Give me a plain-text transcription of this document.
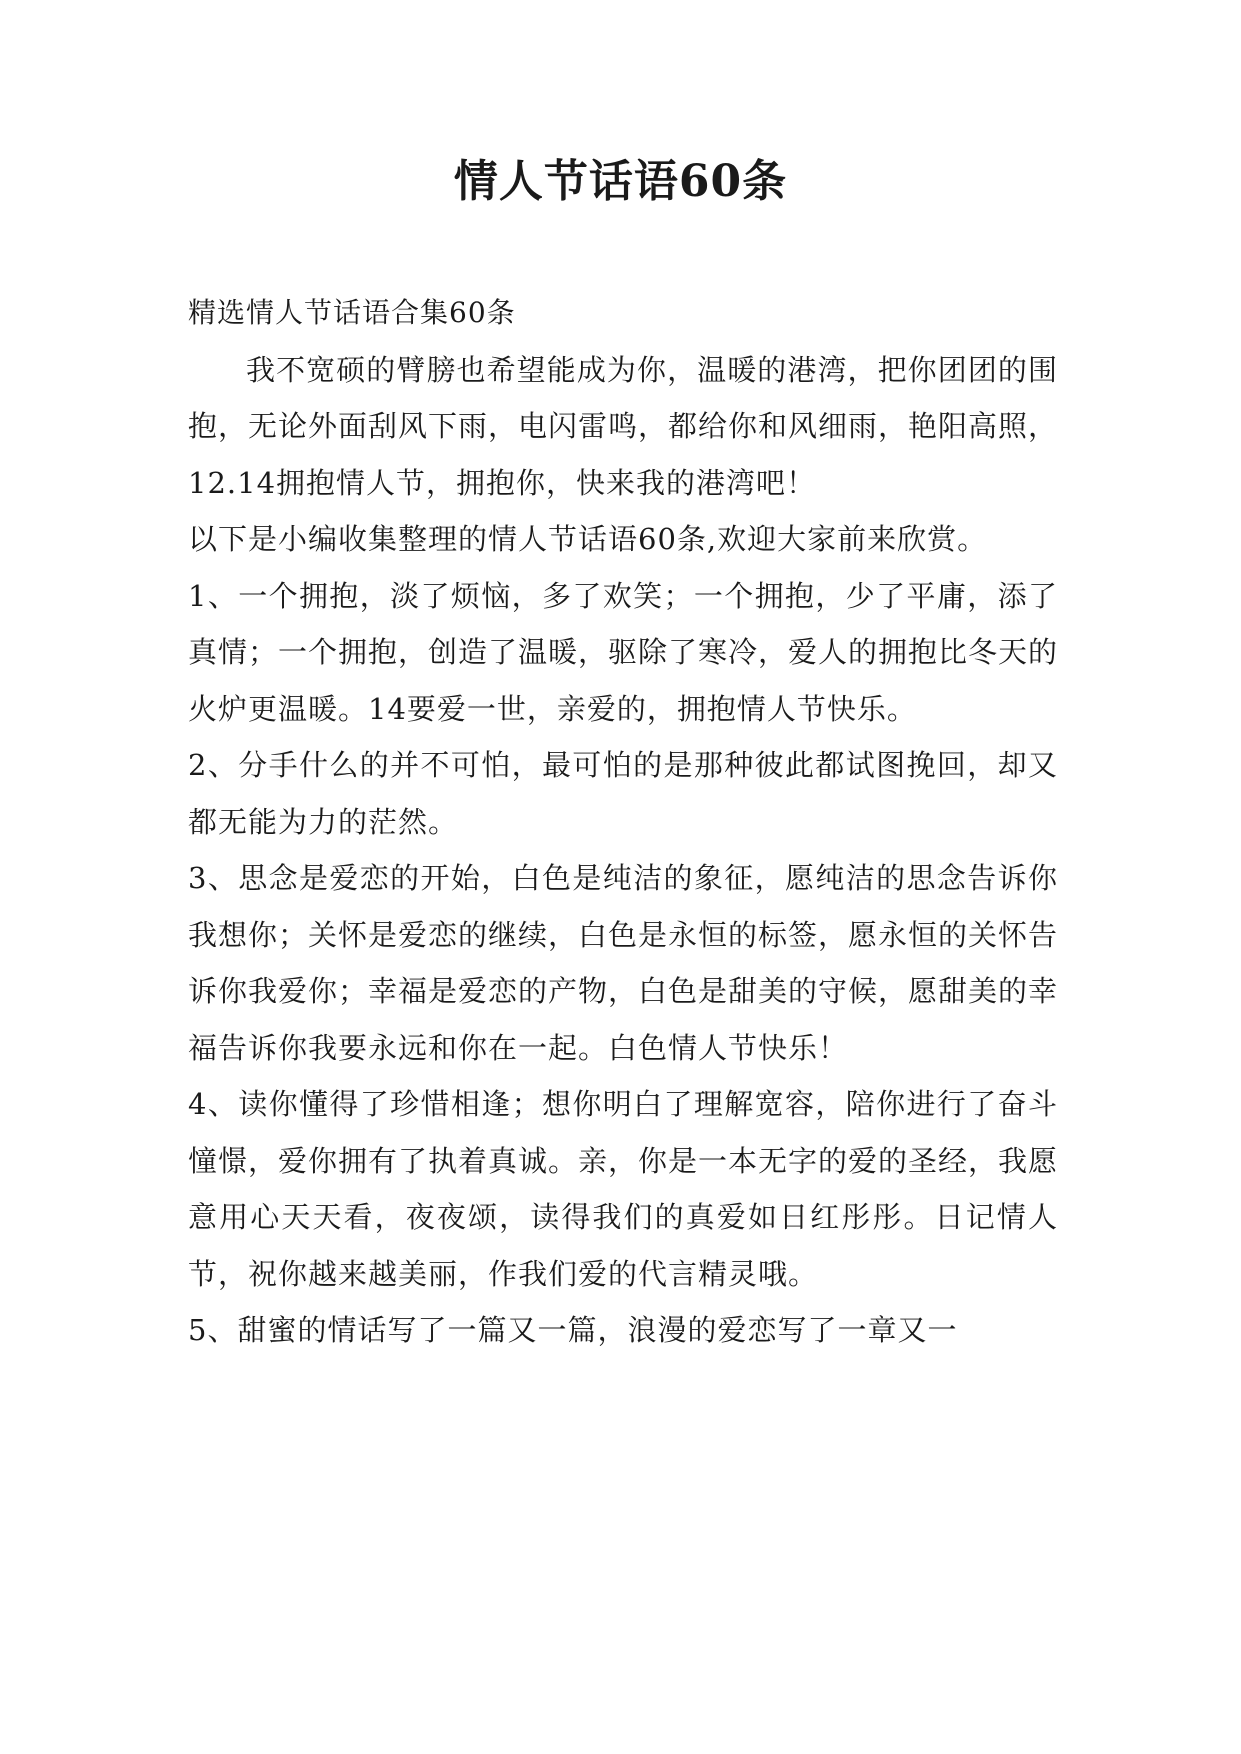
情人节话语60条

精选情人节话语合集60条

我不宽硕的臂膀也希望能成为你，温暖的港湾，把你团团的围抱，无论外面刮风下雨，电闪雷鸣，都给你和风细雨，艳阳高照，12.14拥抱情人节，拥抱你，快来我的港湾吧！

以下是小编收集整理的情人节话语60条,欢迎大家前来欣赏。

1、一个拥抱，淡了烦恼，多了欢笑；一个拥抱，少了平庸，添了真情；一个拥抱，创造了温暖，驱除了寒冷，爱人的拥抱比冬天的火炉更温暖。14要爱一世，亲爱的，拥抱情人节快乐。

2、分手什么的并不可怕，最可怕的是那种彼此都试图挽回，却又都无能为力的茫然。

3、思念是爱恋的开始，白色是纯洁的象征，愿纯洁的思念告诉你我想你；关怀是爱恋的继续，白色是永恒的标签，愿永恒的关怀告诉你我爱你；幸福是爱恋的产物，白色是甜美的守候，愿甜美的幸福告诉你我要永远和你在一起。白色情人节快乐！

4、读你懂得了珍惜相逢；想你明白了理解宽容，陪你进行了奋斗憧憬，爱你拥有了执着真诚。亲，你是一本无字的爱的圣经，我愿意用心天天看，夜夜颂，读得我们的真爱如日红彤彤。日记情人节，祝你越来越美丽，作我们爱的代言精灵哦。

5、甜蜜的情话写了一篇又一篇，浪漫的爱恋写了一章又一
